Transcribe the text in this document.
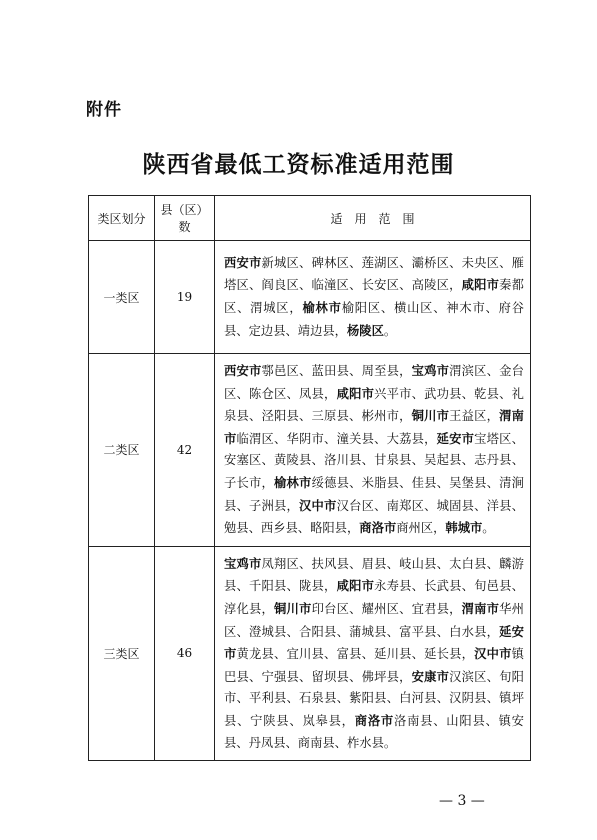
附件
陕西省最低工资标准适用范围
类区划分	县（区）数	适　用　范　围
一类区	19	西安市新城区、碑林区、莲湖区、灞桥区、未央区、雁塔区、阎良区、临潼区、长安区、高陵区，咸阳市秦都区、渭城区，榆林市榆阳区、横山区、神木市、府谷县、定边县、靖边县，杨陵区。
二类区	42	西安市鄠邑区、蓝田县、周至县，宝鸡市渭滨区、金台区、陈仓区、凤县，咸阳市兴平市、武功县、乾县、礼泉县、泾阳县、三原县、彬州市，铜川市王益区，渭南市临渭区、华阴市、潼关县、大荔县，延安市宝塔区、安塞区、黄陵县、洛川县、甘泉县、吴起县、志丹县、子长市，榆林市绥德县、米脂县、佳县、吴堡县、清涧县、子洲县，汉中市汉台区、南郑区、城固县、洋县、勉县、西乡县、略阳县，商洛市商州区，韩城市。
三类区	46	宝鸡市凤翔区、扶风县、眉县、岐山县、太白县、麟游县、千阳县、陇县，咸阳市永寿县、长武县、旬邑县、淳化县，铜川市印台区、耀州区、宜君县，渭南市华州区、澄城县、合阳县、蒲城县、富平县、白水县，延安市黄龙县、宜川县、富县、延川县、延长县，汉中市镇巴县、宁强县、留坝县、佛坪县，安康市汉滨区、旬阳市、平利县、石泉县、紫阳县、白河县、汉阴县、镇坪县、宁陕县、岚皋县，商洛市洛南县、山阳县、镇安县、丹凤县、商南县、柞水县。
— 3 —
